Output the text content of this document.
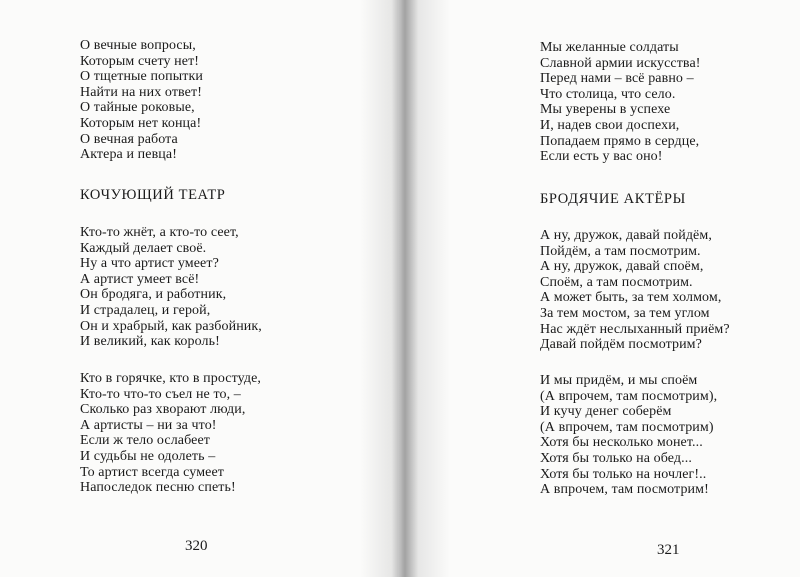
О вечные вопросы,
Которым счету нет!
О тщетные попытки
Найти на них ответ!
О тайные роковые,
Которым нет конца!
О вечная работа
Актера и певца!
КОЧУЮЩИЙ ТЕАТР
Кто-то жнёт, а кто-то сеет,
Каждый делает своё.
Ну а что артист умеет?
А артист умеет всё!
Он бродяга, и работник,
И страдалец, и герой,
Он и храбрый, как разбойник,
И великий, как король!
Кто в горячке, кто в простуде,
Кто-то что-то съел не то, –
Сколько раз хворают люди,
А артисты – ни за что!
Если ж тело ослабеет
И судьбы не одолеть –
То артист всегда сумеет
Напоследок песню спеть!
320
Мы желанные солдаты
Славной армии искусства!
Перед нами – всё равно –
Что столица, что село.
Мы уверены в успехе
И, надев свои доспехи,
Попадаем прямо в сердце,
Если есть у вас оно!
БРОДЯЧИЕ АКТЁРЫ
А ну, дружок, давай пойдём,
Пойдём, а там посмотрим.
А ну, дружок, давай споём,
Споём, а там посмотрим.
А может быть, за тем холмом,
За тем мостом, за тем углом
Нас ждёт неслыханный приём?
Давай пойдём посмотрим?
И мы придём, и мы споём
(А впрочем, там посмотрим),
И кучу денег соберём
(А впрочем, там посмотрим)
Хотя бы несколько монет...
Хотя бы только на обед...
Хотя бы только на ночлег!..
А впрочем, там посмотрим!
321
